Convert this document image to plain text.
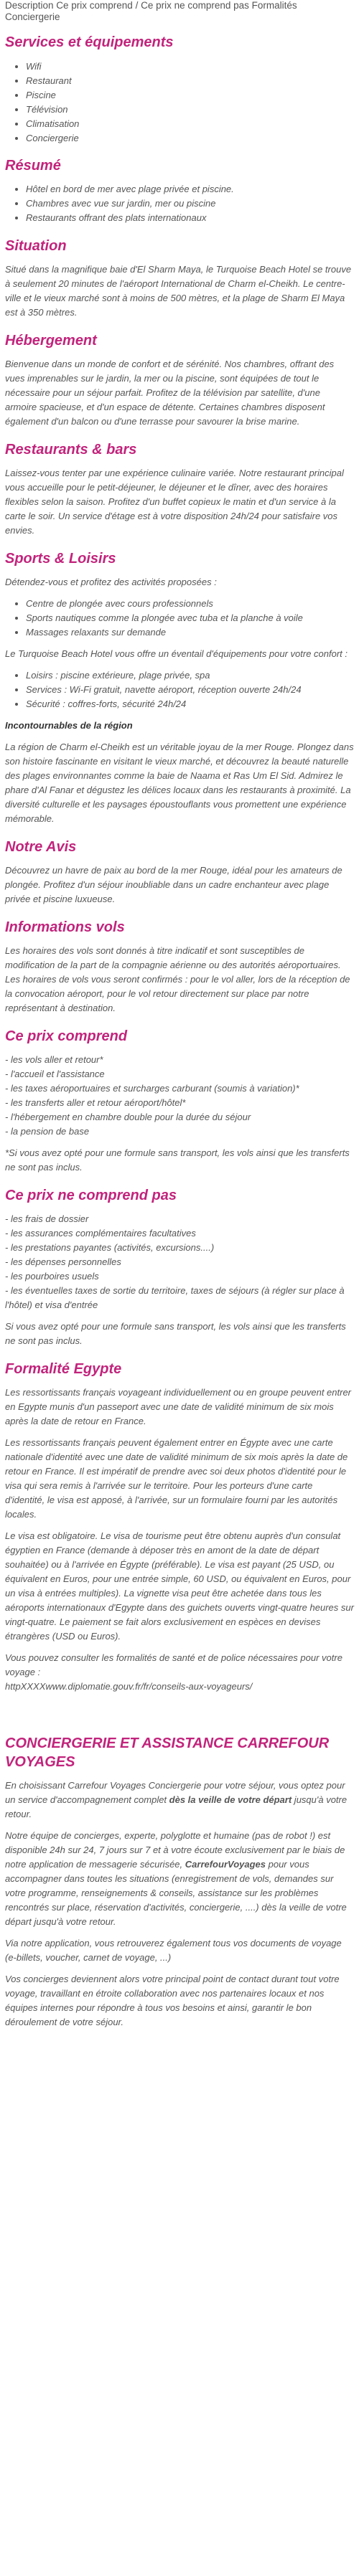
Description Ce prix comprend / Ce prix ne comprend pas Formalités Conciergerie

Services et équipements
• Wifi
• Restaurant
• Piscine
• Télévision
• Climatisation
• Conciergerie
Résumé
• Hôtel en bord de mer avec plage privée et piscine.
• Chambres avec vue sur jardin, mer ou piscine
• Restaurants offrant des plats internationaux
Situation

Situé dans la magnifique baie d'El Sharm Maya, le Turquoise Beach Hotel se trouve à seulement 20 minutes de l'aéroport International de Charm el-Cheikh. Le centre-ville et le vieux marché sont à moins de 500 mètres, et la plage de Sharm El Maya est à 350 mètres.

Hébergement

Bienvenue dans un monde de confort et de sérénité. Nos chambres, offrant des vues imprenables sur le jardin, la mer ou la piscine, sont équipées de tout le nécessaire pour un séjour parfait. Profitez de la télévision par satellite, d'une armoire spacieuse, et d'un espace de détente. Certaines chambres disposent également d'un balcon ou d'une terrasse pour savourer la brise marine.

Restaurants & bars

Laissez-vous tenter par une expérience culinaire variée. Notre restaurant principal vous accueille pour le petit-déjeuner, le déjeuner et le dîner, avec des horaires flexibles selon la saison. Profitez d'un buffet copieux le matin et d'un service à la carte le soir. Un service d'étage est à votre disposition 24h/24 pour satisfaire vos envies.

Sports & Loisirs

Détendez-vous et profitez des activités proposées :

• Centre de plongée avec cours professionnels
• Sports nautiques comme la plongée avec tuba et la planche à voile
• Massages relaxants sur demande

Le Turquoise Beach Hotel vous offre un éventail d'équipements pour votre confort :

• Loisirs : piscine extérieure, plage privée, spa
• Services : Wi-Fi gratuit, navette aéroport, réception ouverte 24h/24
• Sécurité : coffres-forts, sécurité 24h/24

Incontournables de la région

La région de Charm el-Cheikh est un véritable joyau de la mer Rouge. Plongez dans son histoire fascinante en visitant le vieux marché, et découvrez la beauté naturelle des plages environnantes comme la baie de Naama et Ras Um El Sid. Admirez le phare d'Al Fanar et dégustez les délices locaux dans les restaurants à proximité. La diversité culturelle et les paysages époustouflants vous promettent une expérience mémorable.

Notre Avis

Découvrez un havre de paix au bord de la mer Rouge, idéal pour les amateurs de plongée. Profitez d'un séjour inoubliable dans un cadre enchanteur avec plage privée et piscine luxueuse.

Informations vols

Les horaires des vols sont donnés à titre indicatif et sont susceptibles de modification de la part de la compagnie aérienne ou des autorités aéroportuaires.

Les horaires de vols vous seront confirmés : pour le vol aller, lors de la réception de la convocation aéroport, pour le vol retour directement sur place par notre représentant à destination.

Ce prix comprend

- les vols aller et retour*

- l'accueil et l'assistance

- les taxes aéroportuaires et surcharges carburant (soumis à variation)*

- les transferts aller et retour aéroport/hôtel*

- l'hébergement en chambre double pour la durée du séjour

- la pension de base

*Si vous avez opté pour une formule sans transport, les vols ainsi que les transferts ne sont pas inclus.

Ce prix ne comprend pas

- les frais de dossier

- les assurances complémentaires facultatives

- les prestations payantes (activités, excursions....)

- les dépenses personnelles

- les pourboires usuels

- les éventuelles taxes de sortie du territoire, taxes de séjours (à régler sur place à l'hôtel) et visa d'entrée

Si vous avez opté pour une formule sans transport, les vols ainsi que les transferts ne sont pas inclus.

Formalité Egypte

Les ressortissants français voyageant individuellement ou en groupe peuvent entrer en Egypte munis d'un passeport avec une date de validité minimum de six mois après la date de retour en France.

Les ressortissants français peuvent également entrer en Égypte avec une carte nationale d'identité avec une date de validité minimum de six mois après la date de retour en France. Il est impératif de prendre avec soi deux photos d'identité pour le visa qui sera remis à l'arrivée sur le territoire. Pour les porteurs d'une carte d'identité, le visa est apposé, à l'arrivée, sur un formulaire fourni par les autorités locales.

Le visa est obligatoire. Le visa de tourisme peut être obtenu auprès d'un consulat égyptien en France (demande à déposer très en amont de la date de départ souhaitée) ou à l'arrivée en Égypte (préférable). Le visa est payant (25 USD, ou équivalent en Euros, pour une entrée simple, 60 USD, ou équivalent en Euros, pour un visa à entrées multiples). La vignette visa peut être achetée dans tous les aéroports internationaux d'Egypte dans des guichets ouverts vingt-quatre heures sur vingt-quatre. Le paiement se fait alors exclusivement en espèces en devises étrangères (USD ou Euros).

Vous pouvez consulter les formalités de santé et de police nécessaires pour votre voyage :

httpXXXXwww.diplomatie.gouv.fr/fr/conseils-aux-voyageurs/

CONCIERGERIE ET ASSISTANCE CARREFOUR VOYAGES

En choisissant Carrefour Voyages Conciergerie pour votre séjour, vous optez pour un service d'accompagnement complet dès la veille de votre départ jusqu'à votre retour.

Notre équipe de concierges, experte, polyglotte et humaine (pas de robot !) est disponible 24h sur 24, 7 jours sur 7 et à votre écoute exclusivement par le biais de notre application de messagerie sécurisée, CarrefourVoyages pour vous accompagner dans toutes les situations (enregistrement de vols, demandes sur votre programme, renseignements & conseils, assistance sur les problèmes rencontrés sur place, réservation d'activités, conciergerie, ....) dès la veille de votre départ jusqu'à votre retour.

Via notre application, vous retrouverez également tous vos documents de voyage (e-billets, voucher, carnet de voyage, ...)

Vos concierges deviennent alors votre principal point de contact durant tout votre voyage, travaillant en étroite collaboration avec nos partenaires locaux et nos équipes internes pour répondre à tous vos besoins et ainsi, garantir le bon déroulement de votre séjour.
